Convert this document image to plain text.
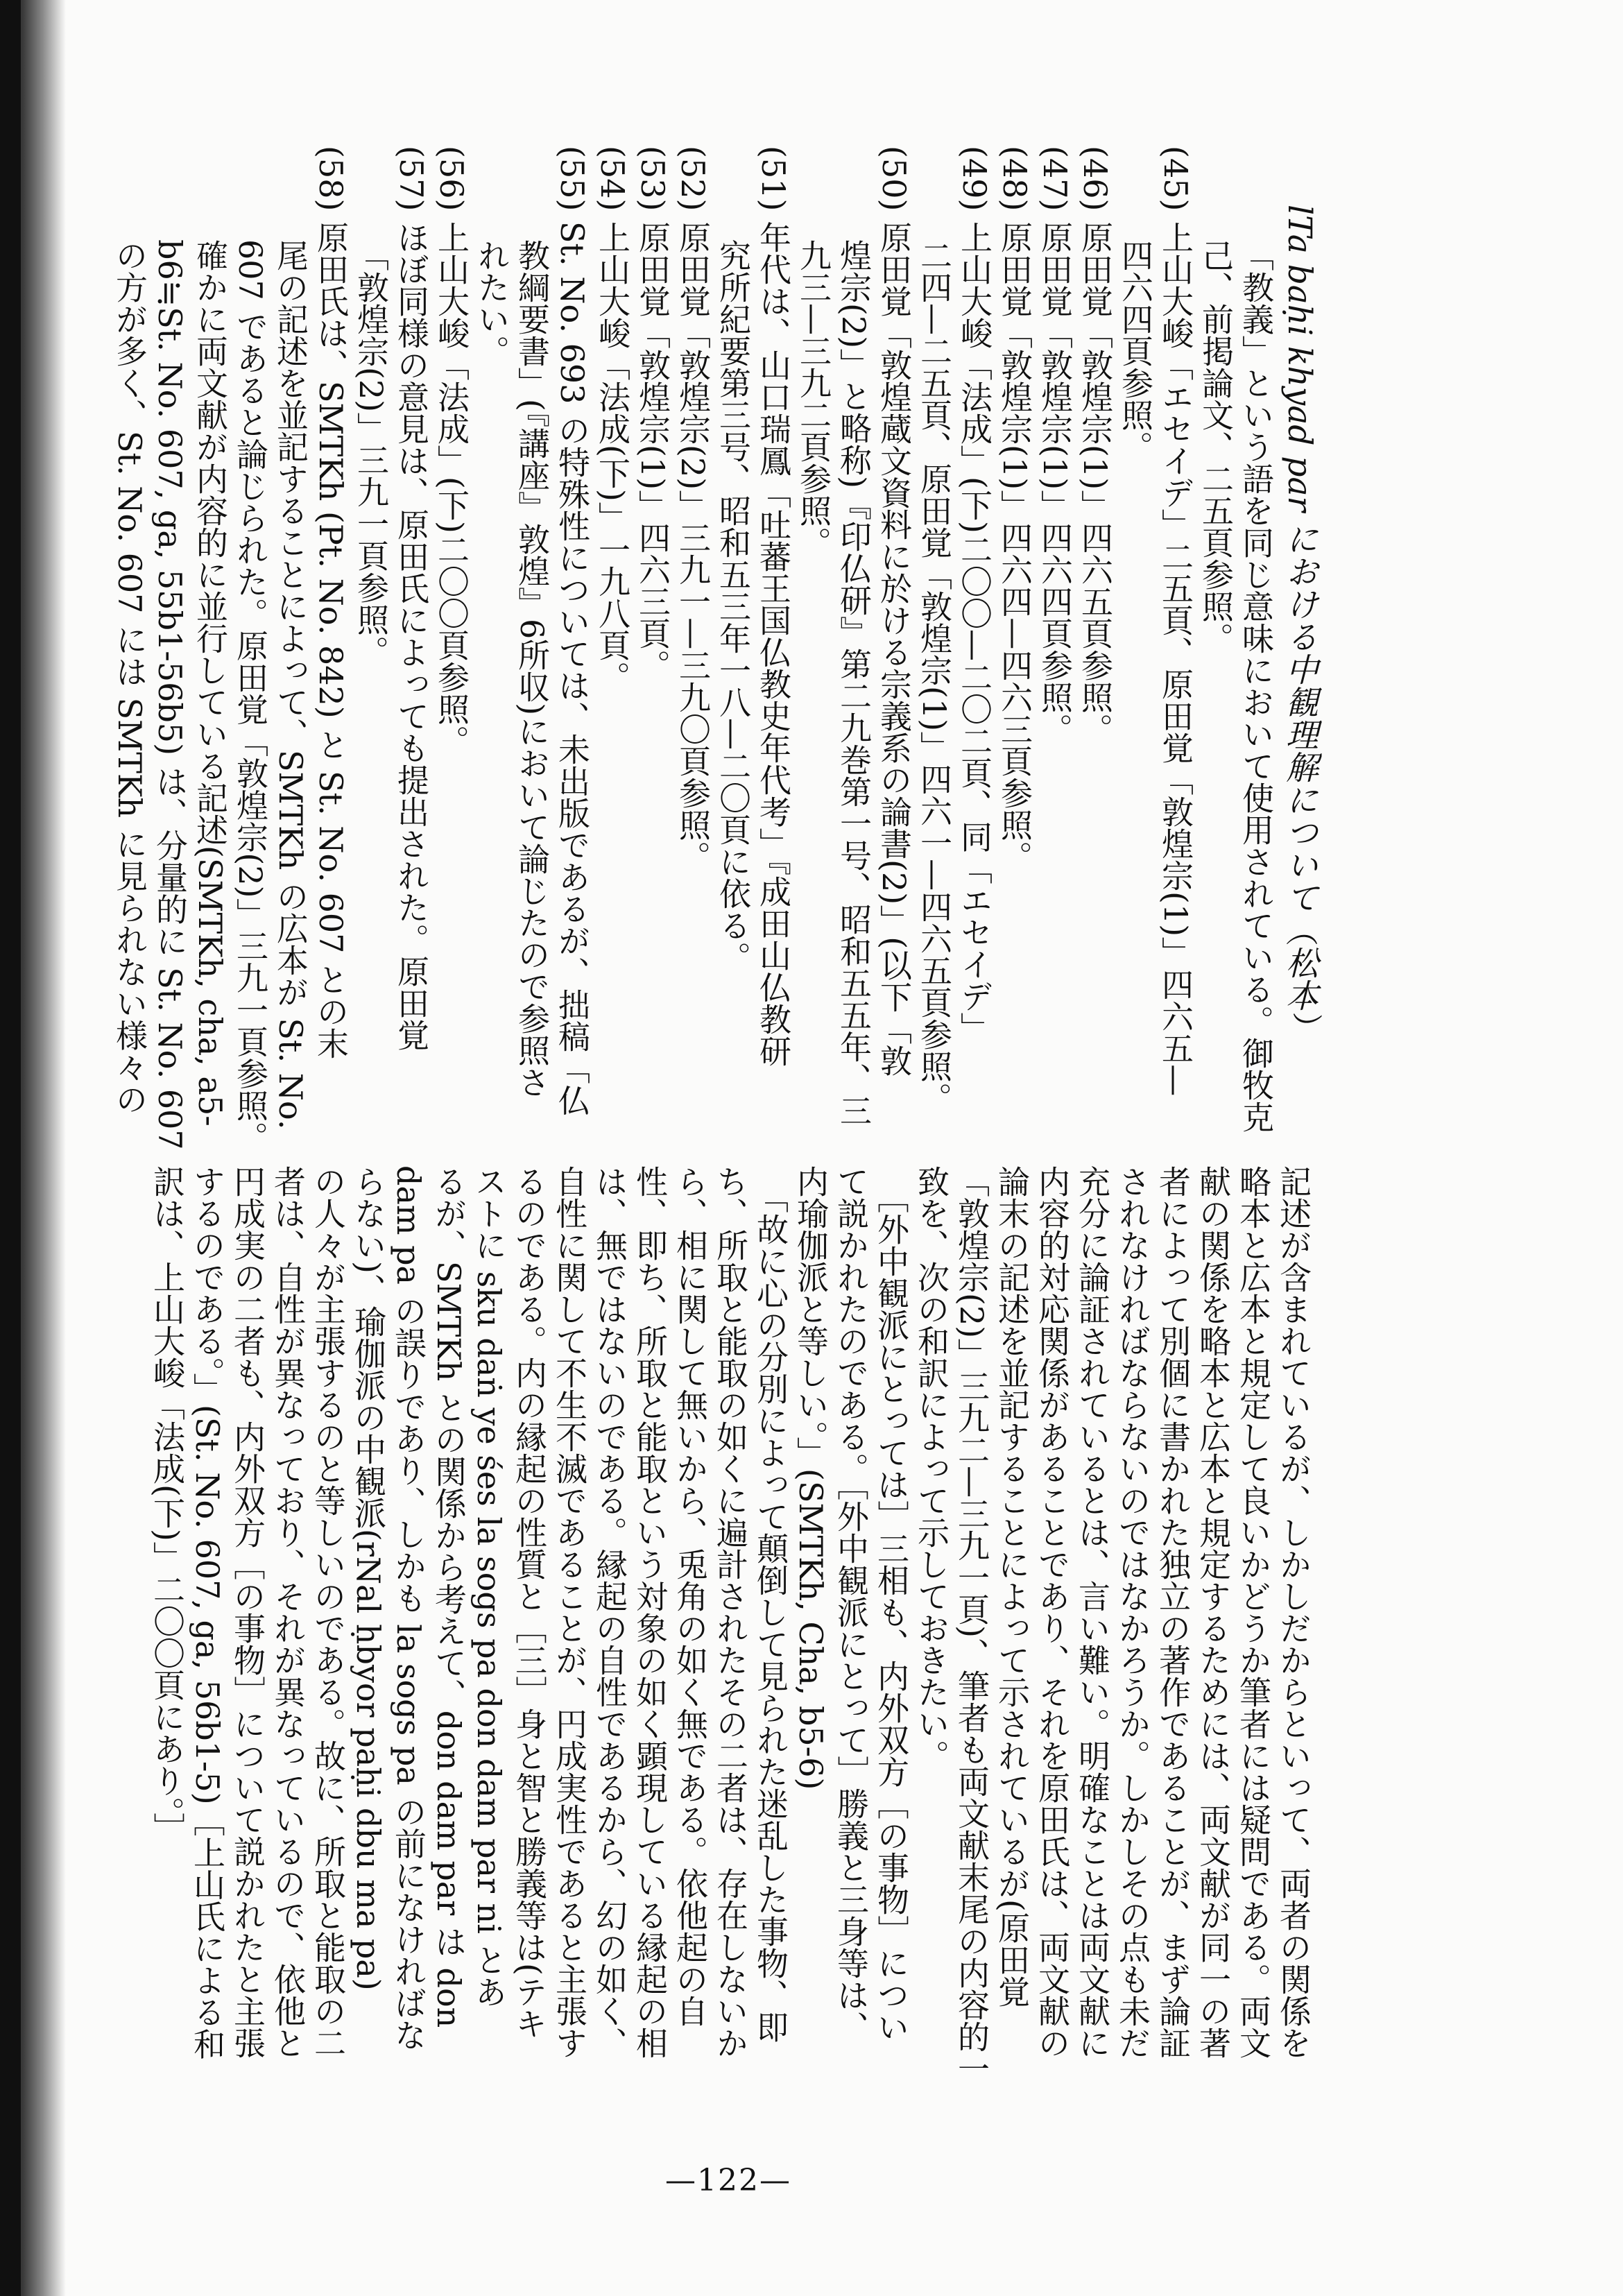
lTa baḥi khyad par における中観理解について（松本）
「教義」という語を同じ意味において使用されている。御牧克
己、前掲論文、二五頁参照。
(45) 上山大峻「エセイデ」二五頁、原田覚「敦煌宗(1)」四六五—
四六四頁参照。
(46) 原田覚「敦煌宗(1)」四六五頁参照。
(47) 原田覚「敦煌宗(1)」四六四頁参照。
(48) 原田覚「敦煌宗(1)」四六四—四六三頁参照。
(49) 上山大峻「法成」(下)二〇〇—二〇二頁、同「エセイデ」
二四—二五頁、原田覚「敦煌宗(1)」四六一—四六五頁参照。
(50) 原田覚「敦煌蔵文資料に於ける宗義系の論書(2)」(以下「敦
煌宗(2)」と略称)『印仏研』第二九巻第一号、昭和五五年、三
九三—三九二頁参照。
(51) 年代は、山口瑞鳳「吐蕃王国仏教史年代考」『成田山仏教研
究所紀要第三号、昭和五三年一八—二〇頁に依る。
(52) 原田覚「敦煌宗(2)」三九一—三九〇頁参照。
(53) 原田覚「敦煌宗(1)」四六三頁。
(54) 上山大峻「法成(下)」一九八頁。
(55) St. No. 693 の特殊性については、未出版であるが、拙稿「仏
教綱要書」(『講座』敦煌』6所収)において論じたので参照さ
れたい。
(56) 上山大峻「法成」(下)二〇〇頁参照。
(57) ほぼ同様の意見は、原田氏によっても提出された。原田覚
「敦煌宗(2)」三九一頁参照。
(58) 原田氏は、SMTKh (Pt. No. 842) と St. No. 607 との末
尾の記述を並記することによって、SMTKh の広本が St. No.
607 であると論じられた。原田覚「敦煌宗(2)」三九一頁参照。
確かに両文献が内容的に並行している記述(SMTKh, cha, a5-
b6≒St. No. 607, ga, 55b1-56b5) は、分量的に St. No. 607
の方が多く、St. No. 607 には SMTKh に見られない様々の
記述が含まれているが、しかしだからといって、両者の関係を
略本と広本と規定して良いかどうか筆者には疑問である。両文
献の関係を略本と広本と規定するためには、両文献が同一の著
者によって別個に書かれた独立の著作であることが、まず論証
されなければならないのではなかろうか。しかしその点も未だ
充分に論証されているとは、言い難い。明確なことは両文献に
内容的対応関係があることであり、それを原田氏は、両文献の
論末の記述を並記することによって示されているが(原田覚
「敦煌宗(2)」三九二—三九一頁)、筆者も両文献末尾の内容的一
致を、次の和訳によって示しておきたい。
　［外中観派にとっては］三相も、内外双方［の事物］につい
て説かれたのである。［外中観派にとって］勝義と三身等は、
内瑜伽派と等しい。」(SMTKh, Cha, b5-6)
　「故に心の分別によって顛倒して見られた迷乱した事物、即
ち、所取と能取の如くに遍計されたその二者は、存在しないか
ら、相に関して無いから、兎角の如く無である。依他起の自
性、即ち、所取と能取という対象の如く顕現している縁起の相
は、無ではないのである。縁起の自性であるから、幻の如く、
自性に関して不生不滅であることが、円成実性であると主張す
るのである。内の縁起の性質と［三］身と智と勝義等は(テキ
ストに sku daṅ ye śes la sogs pa don dam par ni とあ
るが、SMTKh との関係から考えて、don dam par は don
dam pa の誤りであり、しかも la sogs pa の前になければな
らない)、瑜伽派の中観派(rNal ḥbyor paḥi dbu ma pa)
の人々が主張するのと等しいのである。故に、所取と能取の二
者は、自性が異なっており、それが異なっているので、依他と
円成実の二者も、内外双方［の事物］について説かれたと主張
するのである。」(St. No. 607, ga, 56b1-5)［上山氏による和
訳は、上山大峻「法成(下)」二〇〇頁にあり。］
—122—
